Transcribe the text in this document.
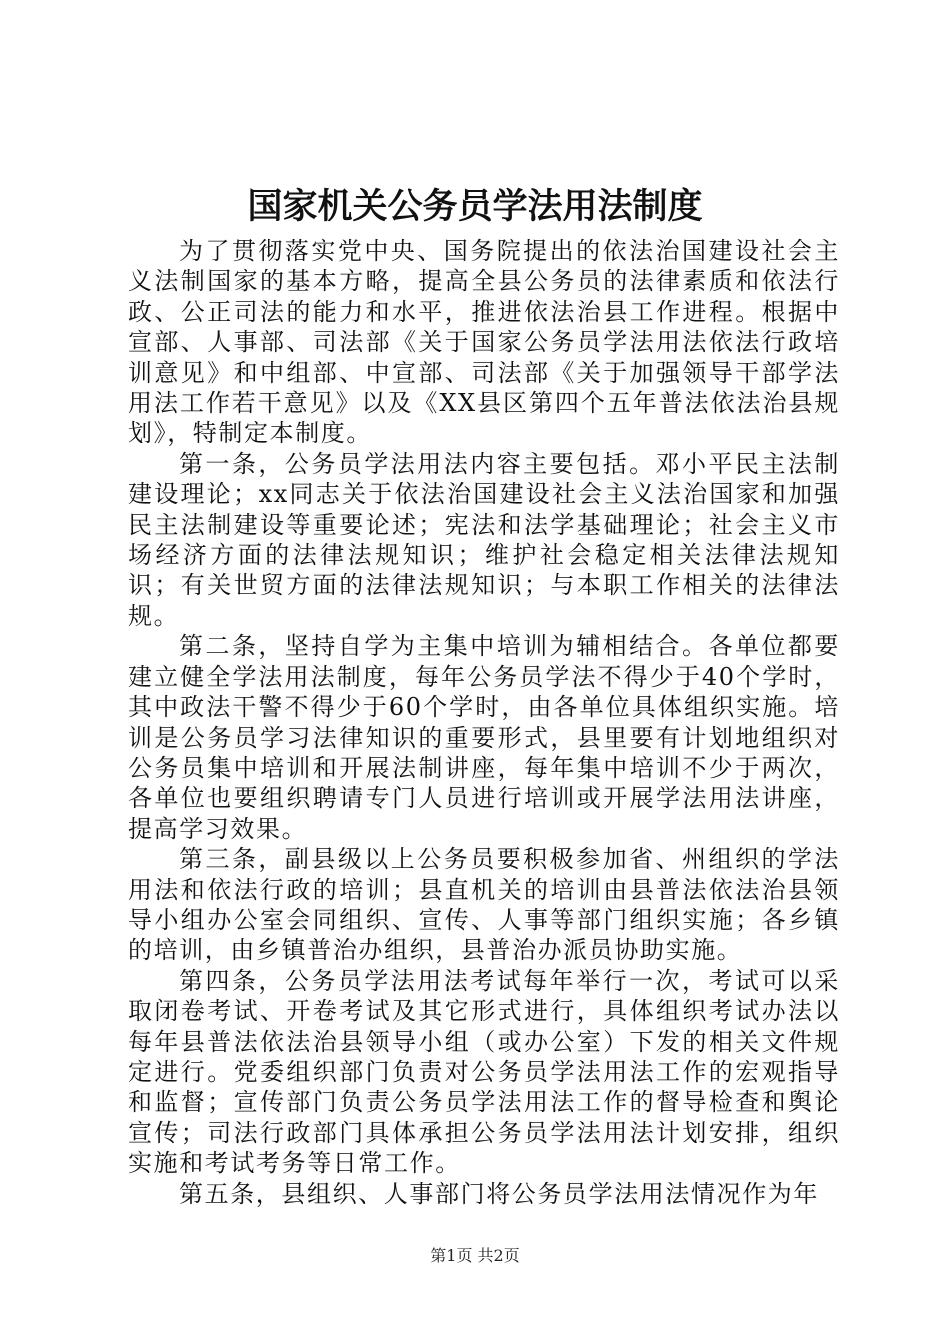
国家机关公务员学法用法制度

为了贯彻落实党中央、国务院提出的依法治国建设社会主义法制国家的基本方略，提高全县公务员的法律素质和依法行政、公正司法的能力和水平，推进依法治县工作进程。根据中宣部、人事部、司法部《关于国家公务员学法用法依法行政培训意见》和中组部、中宣部、司法部《关于加强领导干部学法用法工作若干意见》以及《XX县区第四个五年普法依法治县规划》，特制定本制度。

第一条，公务员学法用法内容主要包括。邓小平民主法制建设理论；xx同志关于依法治国建设社会主义法治国家和加强民主法制建设等重要论述；宪法和法学基础理论；社会主义市场经济方面的法律法规知识；维护社会稳定相关法律法规知识；有关世贸方面的法律法规知识；与本职工作相关的法律法规。

第二条，坚持自学为主集中培训为辅相结合。各单位都要建立健全学法用法制度，每年公务员学法不得少于40个学时，其中政法干警不得少于60个学时，由各单位具体组织实施。培训是公务员学习法律知识的重要形式，县里要有计划地组织对公务员集中培训和开展法制讲座，每年集中培训不少于两次，各单位也要组织聘请专门人员进行培训或开展学法用法讲座，提高学习效果。

第三条，副县级以上公务员要积极参加省、州组织的学法用法和依法行政的培训；县直机关的培训由县普法依法治县领导小组办公室会同组织、宣传、人事等部门组织实施；各乡镇的培训，由乡镇普治办组织，县普治办派员协助实施。

第四条，公务员学法用法考试每年举行一次，考试可以采取闭卷考试、开卷考试及其它形式进行，具体组织考试办法以每年县普法依法治县领导小组（或办公室）下发的相关文件规定进行。党委组织部门负责对公务员学法用法工作的宏观指导和监督；宣传部门负责公务员学法用法工作的督导检查和舆论宣传；司法行政部门具体承担公务员学法用法计划安排，组织实施和考试考务等日常工作。

第五条，县组织、人事部门将公务员学法用法情况作为年

第1页 共2页
